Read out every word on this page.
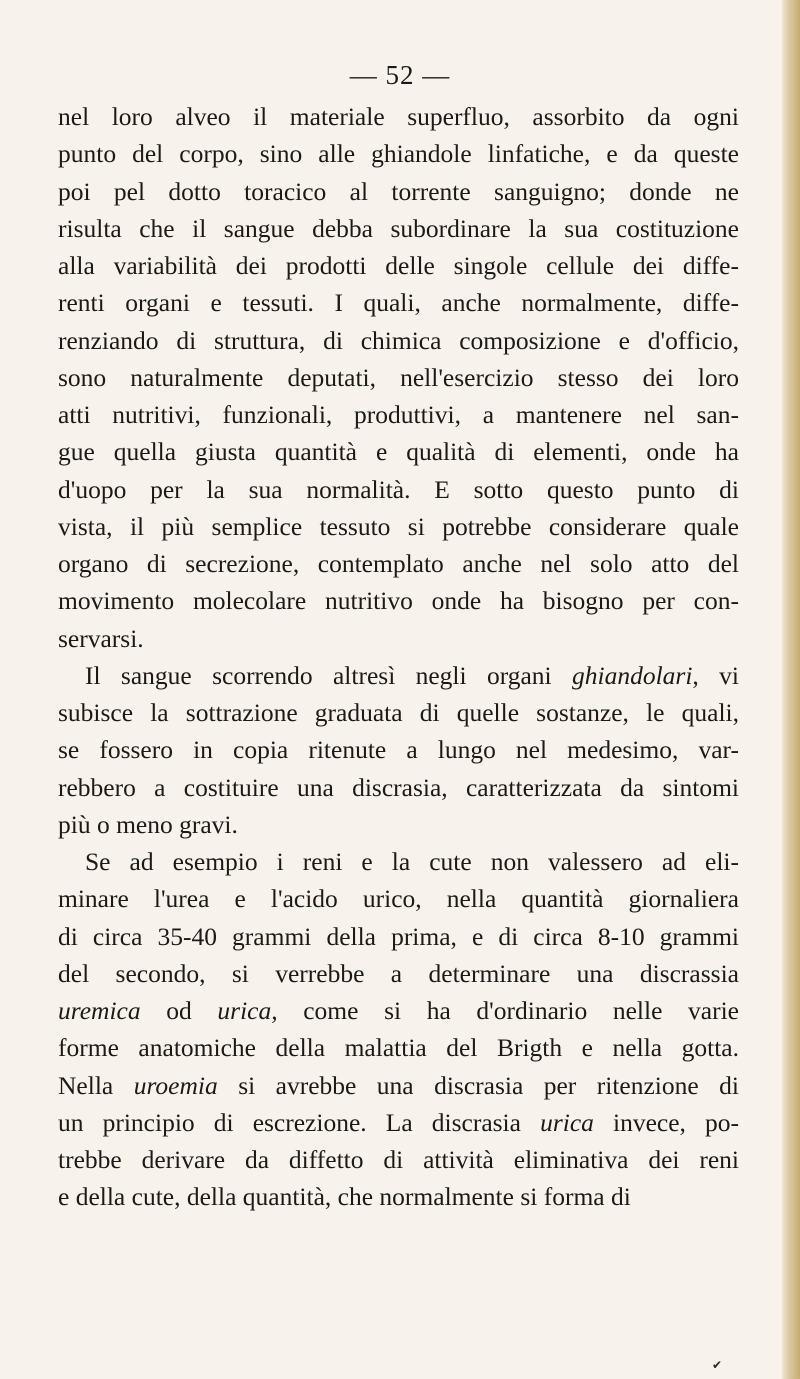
— 52 —
nel loro alveo il materiale superfluo, assorbito da ogni
punto del corpo, sino alle ghiandole linfatiche, e da queste
poi pel dotto toracico al torrente sanguigno; donde ne
risulta che il sangue debba subordinare la sua costituzione
alla variabilità dei prodotti delle singole cellule dei diffe-
renti organi e tessuti. I quali, anche normalmente, diffe-
renziando di struttura, di chimica composizione e d'officio,
sono naturalmente deputati, nell'esercizio stesso dei loro
atti nutritivi, funzionali, produttivi, a mantenere nel san-
gue quella giusta quantità e qualità di elementi, onde ha
d'uopo per la sua normalità. E sotto questo punto di
vista, il più semplice tessuto si potrebbe considerare quale
organo di secrezione, contemplato anche nel solo atto del
movimento molecolare nutritivo onde ha bisogno per con-
servarsi.
Il sangue scorrendo altresì negli organi ghiandolari, vi
subisce la sottrazione graduata di quelle sostanze, le quali,
se fossero in copia ritenute a lungo nel medesimo, var-
rebbero a costituire una discrasia, caratterizzata da sintomi
più o meno gravi.
Se ad esempio i reni e la cute non valessero ad eli-
minare l'urea e l'acido urico, nella quantità giornaliera
di circa 35-40 grammi della prima, e di circa 8-10 grammi
del secondo, si verrebbe a determinare una discrassia
uremica od urica, come si ha d'ordinario nelle varie
forme anatomiche della malattia del Brigth e nella gotta.
Nella uroemia si avrebbe una discrasia per ritenzione di
un principio di escrezione. La discrasia urica invece, po-
trebbe derivare da diffetto di attività eliminativa dei reni
e della cute, della quantità, che normalmente si forma di
✔
